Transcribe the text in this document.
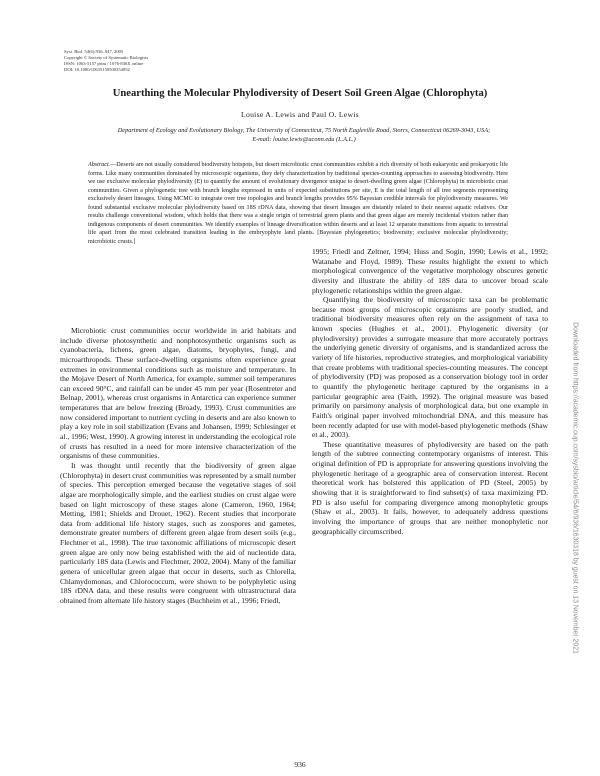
Syst. Biol. 54(6):936–947, 2005
Copyright © Society of Systematic Biologists
ISSN: 1063-5157 print / 1076-836X online
DOI: 10.1080/10635150500354852
Unearthing the Molecular Phylodiversity of Desert Soil Green Algae (Chlorophyta)
Louise A. Lewis and Paul O. Lewis
Department of Ecology and Evolutionary Biology, The University of Connecticut, 75 North Eagleville Road, Storrs, Connecticut 06269-3043, USA;
E-mail: louise.lewis@uconn.edu (L.A.L.)

Abstract.—Deserts are not usually considered biodiversity hotspots, but desert microbiotic crust communities exhibit a rich diversity of both eukaryotic and prokaryotic life forms. Like many communities dominated by microscopic organisms, they defy characterization by traditional species-counting approaches to assessing biodiversity. Here we use exclusive molecular phylodiversity (E) to quantify the amount of evolutionary divergence unique to desert-dwelling green algae (Chlorophyta) in microbiotic crust communities. Given a phylogenetic tree with branch lengths expressed in units of expected substitutions per site, E is the total length of all tree segments representing exclusively desert lineages. Using MCMC to integrate over tree topologies and branch lengths provides 95% Bayesian credible intervals for phylodiversity measures. We found substantial exclusive molecular phylodiversity based on 18S rDNA data, showing that desert lineages are distantly related to their nearest aquatic relatives. Our results challenge conventional wisdom, which holds that there was a single origin of terrestrial green plants and that green algae are merely incidental visitors rather than indigenous components of desert communities. We identify examples of lineage diversification within deserts and at least 12 separate transitions from aquatic to terrestrial life apart from the most celebrated transition leading to the embryophyte land plants. [Bayesian phylogenetics; biodiversity; exclusive molecular phylodiversity; microbiotic crusts.]

Microbiotic crust communities occur worldwide in arid habitats and include diverse photosynthetic and nonphotosynthetic organisms such as cyanobacteria, lichens, green algae, diatoms, bryophytes, fungi, and microarthropods. These surface-dwelling organisms often experience great extremes in environmental conditions such as moisture and temperature. In the Mojave Desert of North America, for example, summer soil temperatures can exceed 90°C, and rainfall can be under 45 mm per year (Rosentreter and Belnap, 2001), whereas crust organisms in Antarctica can experience summer temperatures that are below freezing (Broady, 1993). Crust communities are now considered important to nutrient cycling in deserts and are also known to play a key role in soil stabilization (Evans and Johansen, 1999; Schlesinger et al., 1996; West, 1990). A growing interest in understanding the ecological role of crusts has resulted in a need for more intensive characterization of the organisms of these communities.

It was thought until recently that the biodiversity of green algae (Chlorophyta) in desert crust communities was represented by a small number of species. This perception emerged because the vegetative stages of soil algae are morphologically simple, and the earliest studies on crust algae were based on light microscopy of these stages alone (Cameron, 1960, 1964; Metting, 1981; Shields and Drouet, 1962). Recent studies that incorporate data from additional life history stages, such as zoospores and gametes, demonstrate greater numbers of different green algae from desert soils (e.g., Flechtner et al., 1998). The true taxonomic affiliations of microscopic desert green algae are only now being established with the aid of nucleotide data, particularly 18S data (Lewis and Flechtner, 2002, 2004). Many of the familiar genera of unicellular green algae that occur in deserts, such as Chlorella, Chlamydomonas, and Chlorococcum, were shown to be polyphyletic using 18S rDNA data, and these results were congruent with ultrastructural data obtained from alternate life history stages (Buchheim et al., 1996; Friedl,

1995; Friedl and Zeltner, 1994; Huss and Sogin, 1990; Lewis et al., 1992; Watanabe and Floyd, 1989). These results highlight the extent to which morphological convergence of the vegetative morphology obscures genetic diversity and illustrate the ability of 18S data to uncover broad scale phylogenetic relationships within the green algae.

Quantifying the biodiversity of microscopic taxa can be problematic because most groups of microscopic organisms are poorly studied, and traditional biodiversity measures often rely on the assignment of taxa to known species (Hughes et al., 2001). Phylogenetic diversity (or phylodiversity) provides a surrogate measure that more accurately portrays the underlying genetic diversity of organisms, and is standardized across the variety of life histories, reproductive strategies, and morphological variability that create problems with traditional species-counting measures. The concept of phylodiversity (PD) was proposed as a conservation biology tool in order to quantify the phylogenetic heritage captured by the organisms in a particular geographic area (Faith, 1992). The original measure was based primarily on parsimony analysis of morphological data, but one example in Faith's original paper involved mitochondrial DNA, and this measure has been recently adapted for use with model-based phylogenetic methods (Shaw et al., 2003).

These quantitative measures of phylodiversity are based on the path length of the subtree connecting contemporary organisms of interest. This original definition of PD is appropriate for answering questions involving the phylogenetic heritage of a geographic area of conservation interest. Recent theoretical work has bolstered this application of PD (Steel, 2005) by showing that it is straightforward to find subset(s) of taxa maximizing PD. PD is also useful for comparing divergence among monophyletic groups (Shaw et al., 2003). It fails, however, to adequately address questions involving the importance of groups that are neither monophyletic nor geographically circumscribed.

936
Downloaded from https://academic.oup.com/sysbio/article/54/6/936/1630318 by guest on 13 November 2021
